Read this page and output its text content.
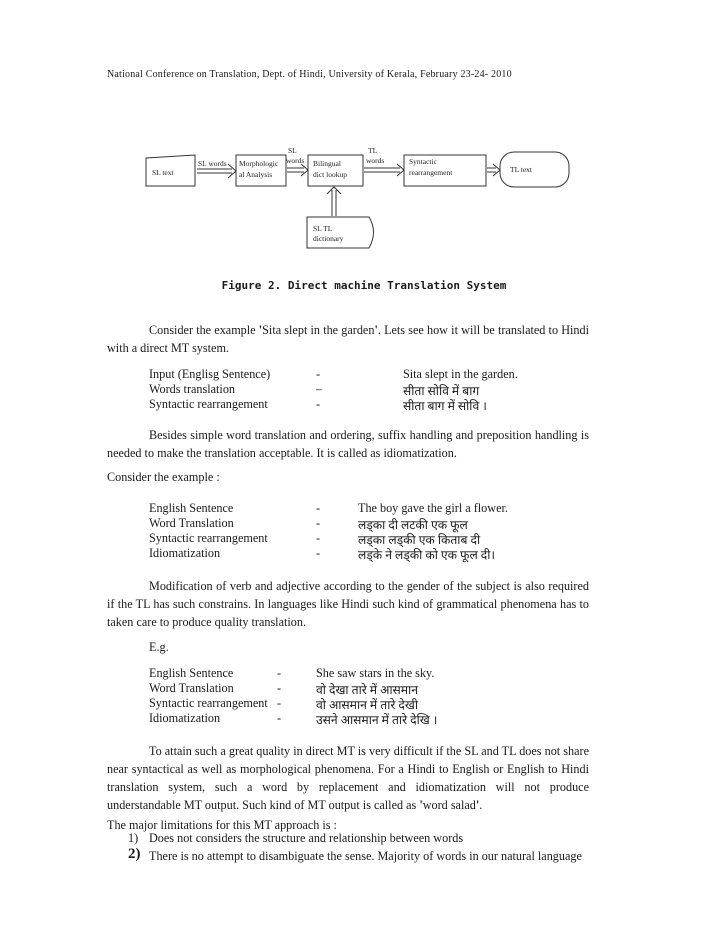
National Conference on Translation, Dept. of Hindi, University of Kerala, February 23-24- 2010
SL text
SL words Morphologic
al Analysis
SL
words Bilingual
dict lookup
TL
words	Syntactic
rearrangement	TL text
SL TL
dictionary
Figure 2. Direct machine Translation System
Consider the example 'Sita slept in the garden'. Lets see how it will be translated to Hindi with a direct MT system.
Input (Englisg Sentence)	-	Sita slept in the garden.
Words translation	–	सीता सोवि में बाग
Syntactic rearrangement	-	सीता बाग में सोवि ।
Besides simple word translation and ordering, suffix handling and preposition handling is needed to make the translation acceptable. It is called as idiomatization.
Consider the example :
English Sentence	-	The boy gave the girl a flower.
Word Translation	-	लड्का दी लटकी एक फूल
Syntactic rearrangement	-	लड्का लड्की एक किताब दी
Idiomatization	-	लड्के ने लड्की को एक फूल दी।
Modification of verb and adjective according to the gender of the subject is also required if the TL has such constrains. In languages like Hindi such kind of grammatical phenomena has to taken care to produce quality translation.
E.g.
English Sentence	-	She saw stars in the sky.
Word Translation	-	वो देखा तारे में आसमान
Syntactic rearrangement -	वो आसमान में तारे देखी
Idiomatization	-	उसने आसमान में तारे देखि ।
To attain such a great quality in direct MT is very difficult if the SL and TL does not share near syntactical as well as morphological phenomena. For a Hindi to English or English to Hindi translation system, such a word by replacement and idiomatization will not produce understandable MT output. Such kind of MT output is called as 'word salad'.
The major limitations for this MT approach is :
1) Does not considers the structure and relationship between words
2) There is no attempt to disambiguate the sense. Majority of words in our natural language
